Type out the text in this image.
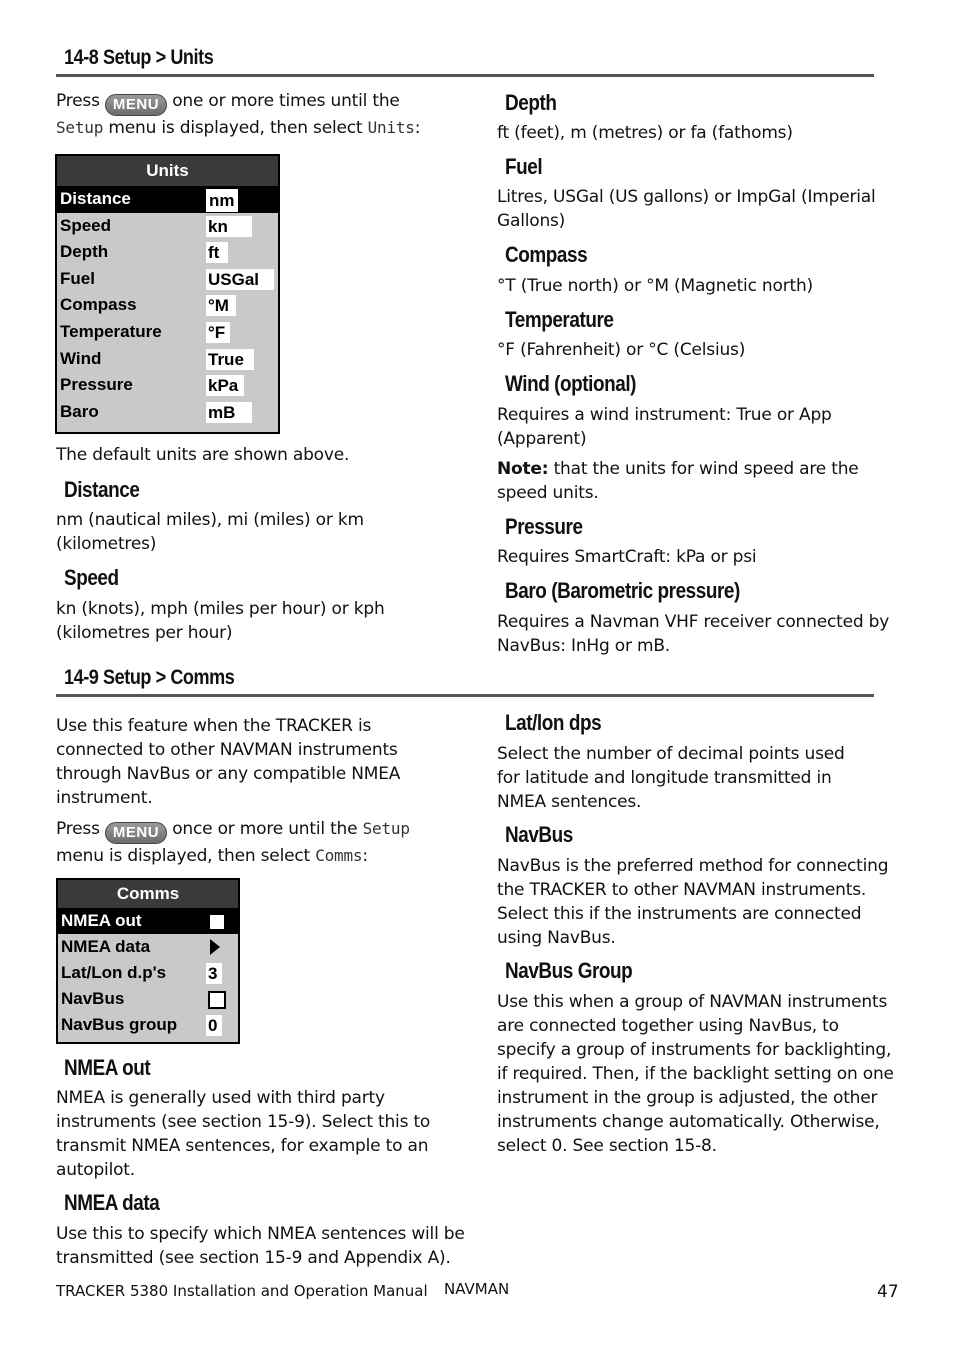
14-8 Setup > Units
Press MENU one or more times until the
Setup menu is displayed, then select Units:
Units
Distance	nm
Speed	kn
Depth	ft
Fuel	USGal
Compass	°M
Temperature	°F
Wind	True
Pressure	kPa
Baro	mB
The default units are shown above.
Distance
nm (nautical miles), mi (miles) or km
(kilometres)
Speed
kn (knots), mph (miles per hour) or kph
(kilometres per hour)
Depth
ft (feet), m (metres) or fa (fathoms)
Fuel
Litres, USGal (US gallons) or ImpGal (Imperial
Gallons)
Compass
°T (True north) or °M (Magnetic north)
Temperature
°F (Fahrenheit) or °C (Celsius)
Wind (optional)
Requires a wind instrument: True or App
(Apparent)
Note: that the units for wind speed are the
speed units.
Pressure
Requires SmartCraft: kPa or psi
Baro (Barometric pressure)
Requires a Navman VHF receiver connected by
NavBus: InHg or mB.
14-9 Setup > Comms
Use this feature when the TRACKER is
connected to other NAVMAN instruments
through NavBus or any compatible NMEA
instrument.
Press MENU once or more until the Setup
menu is displayed, then select Comms:
Comms
NMEA out
NMEA data
Lat/Lon d.p's 3
NavBus
NavBus group 0
NMEA out
NMEA is generally used with third party
instruments (see section 15-9). Select this to
transmit NMEA sentences, for example to an
autopilot.
NMEA data
Use this to specify which NMEA sentences will be
transmitted (see section 15-9 and Appendix A).
Lat/lon dps
Select the number of decimal points used
for latitude and longitude transmitted in
NMEA sentences.
NavBus
NavBus is the preferred method for connecting
the TRACKER to other NAVMAN instruments.
Select this if the instruments are connected
using NavBus.
NavBus Group
Use this when a group of NAVMAN instruments
are connected together using NavBus, to
specify a group of instruments for backlighting,
if required. Then, if the backlight setting on one
instrument in the group is adjusted, the other
instruments change automatically. Otherwise,
select 0. See section 15-8.
TRACKER 5380 Installation and Operation Manual NAVMAN	47
